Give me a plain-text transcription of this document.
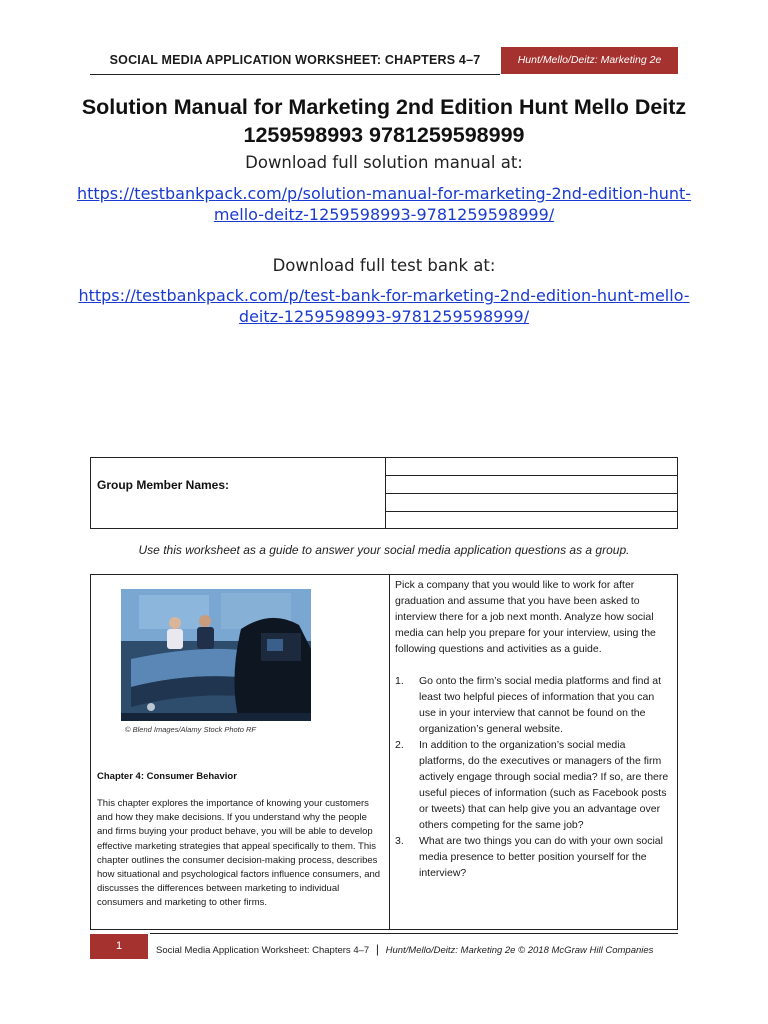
SOCIAL MEDIA APPLICATION WORKSHEET: CHAPTERS 4–7	Hunt/Mello/Deitz: Marketing 2e
Solution Manual for Marketing 2nd Edition Hunt Mello Deitz 1259598993 9781259598999
Download full solution manual at:
https://testbankpack.com/p/solution-manual-for-marketing-2nd-edition-hunt-mello-deitz-1259598993-9781259598999/
Download full test bank at:
https://testbankpack.com/p/test-bank-for-marketing-2nd-edition-hunt-mello-deitz-1259598993-9781259598999/
Group Member Names:
Use this worksheet as a guide to answer your social media application questions as a group.
© Blend Images/Alamy Stock Photo RF
Chapter 4: Consumer Behavior
This chapter explores the importance of knowing your customers and how they make decisions. If you understand why the people and firms buying your product behave, you will be able to develop effective marketing strategies that appeal specifically to them. This chapter outlines the consumer decision-making process, describes how situational and psychological factors influence consumers, and discusses the differences between marketing to individual consumers and marketing to other firms.

Pick a company that you would like to work for after graduation and assume that you have been asked to interview there for a job next month. Analyze how social media can help you prepare for your interview, using the following questions and activities as a guide.

1. Go onto the firm’s social media platforms and find at least two helpful pieces of information that you can use in your interview that cannot be found on the organization’s general website.
2. In addition to the organization’s social media platforms, do the executives or managers of the firm actively engage through social media? If so, are there useful pieces of information (such as Facebook posts or tweets) that can help give you an advantage over others competing for the same job?
3. What are two things you can do with your own social media presence to better position yourself for the interview?
1	Social Media Application Worksheet: Chapters 4–7 | Hunt/Mello/Deitz: Marketing 2e © 2018 McGraw Hill Companies
